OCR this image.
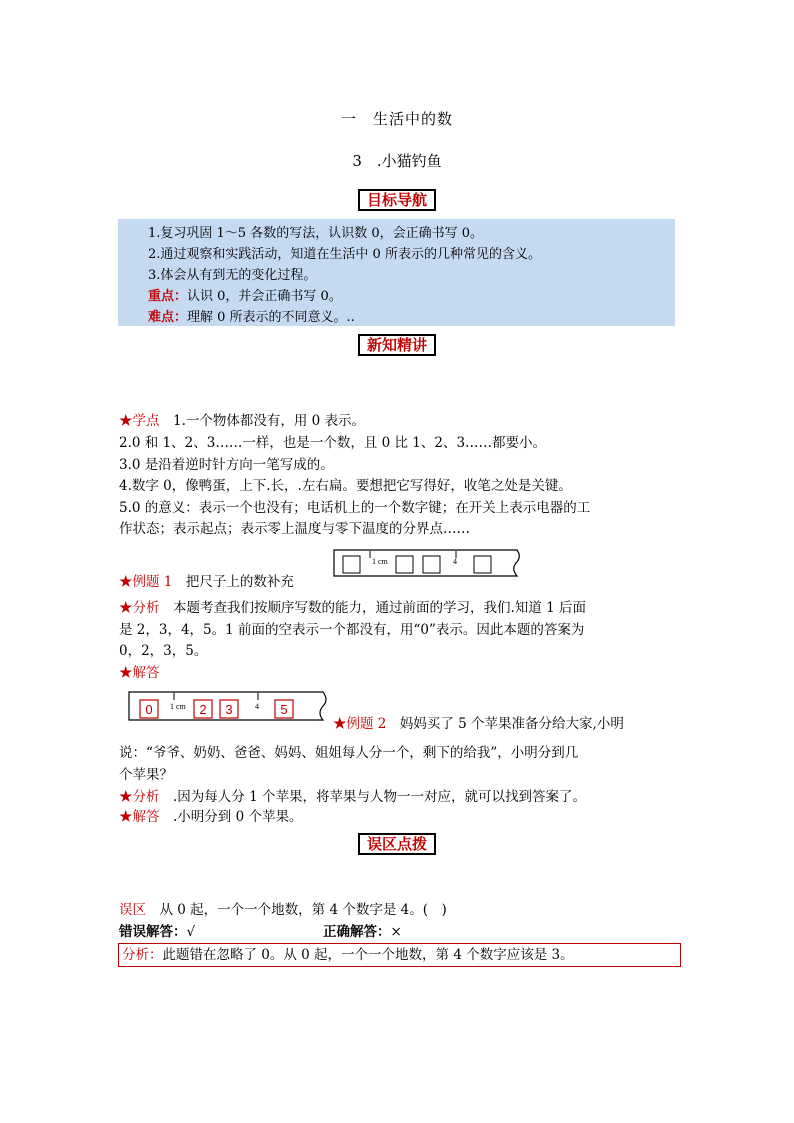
一　生活中的数
3　.小猫钓鱼
目标导航
1.复习巩固 1～5 各数的写法，认识数 0，会正确书写 0。
2.通过观察和实践活动，知道在生活中 0 所表示的几种常见的含义。
3.体会从有到无的变化过程。
重点：认识 0，并会正确书写 0。
难点：理解 0 所表示的不同意义。..
新知精讲
★学点　1.一个物体都没有，用 0 表示。
2.0 和 1、2、3……一样，也是一个数，且 0 比 1、2、3……都要小。
3.0 是沿着逆时针方向一笔写成的。
4.数字 0，像鸭蛋，上下.长，.左右扁。要想把它写得好，收笔之处是关键。
5.0 的意义：表示一个也没有；电话机上的一个数字键；在开关上表示电器的工
作状态；表示起点；表示零上温度与零下温度的分界点……
★例题 1　把尺子上的数补充
1 cm	4
★分析　本题考查我们按顺序写数的能力，通过前面的学习，我们.知道 1 后面
是 2，3，4，5。1 前面的空表示一个都没有，用“0”表示。因此本题的答案为
0，2，3，5。
★解答
0 1 cm 2 3	4 5
★例题 2　妈妈买了 5 个苹果准备分给大家,小明
说：“爷爷、奶奶、爸爸、妈妈、姐姐每人分一个，剩下的给我”，小明分到几
个苹果？
★分析　.因为每人分 1 个苹果，将苹果与人物一一对应，就可以找到答案了。
★解答　.小明分到 0 个苹果。
误区点拨
误区　从 0 起，一个一个地数，第 4 个数字是 4。(　)
错误解答：√	正确解答：×
分析：此题错在忽略了 0。从 0 起，一个一个地数，第 4 个数字应该是 3。
